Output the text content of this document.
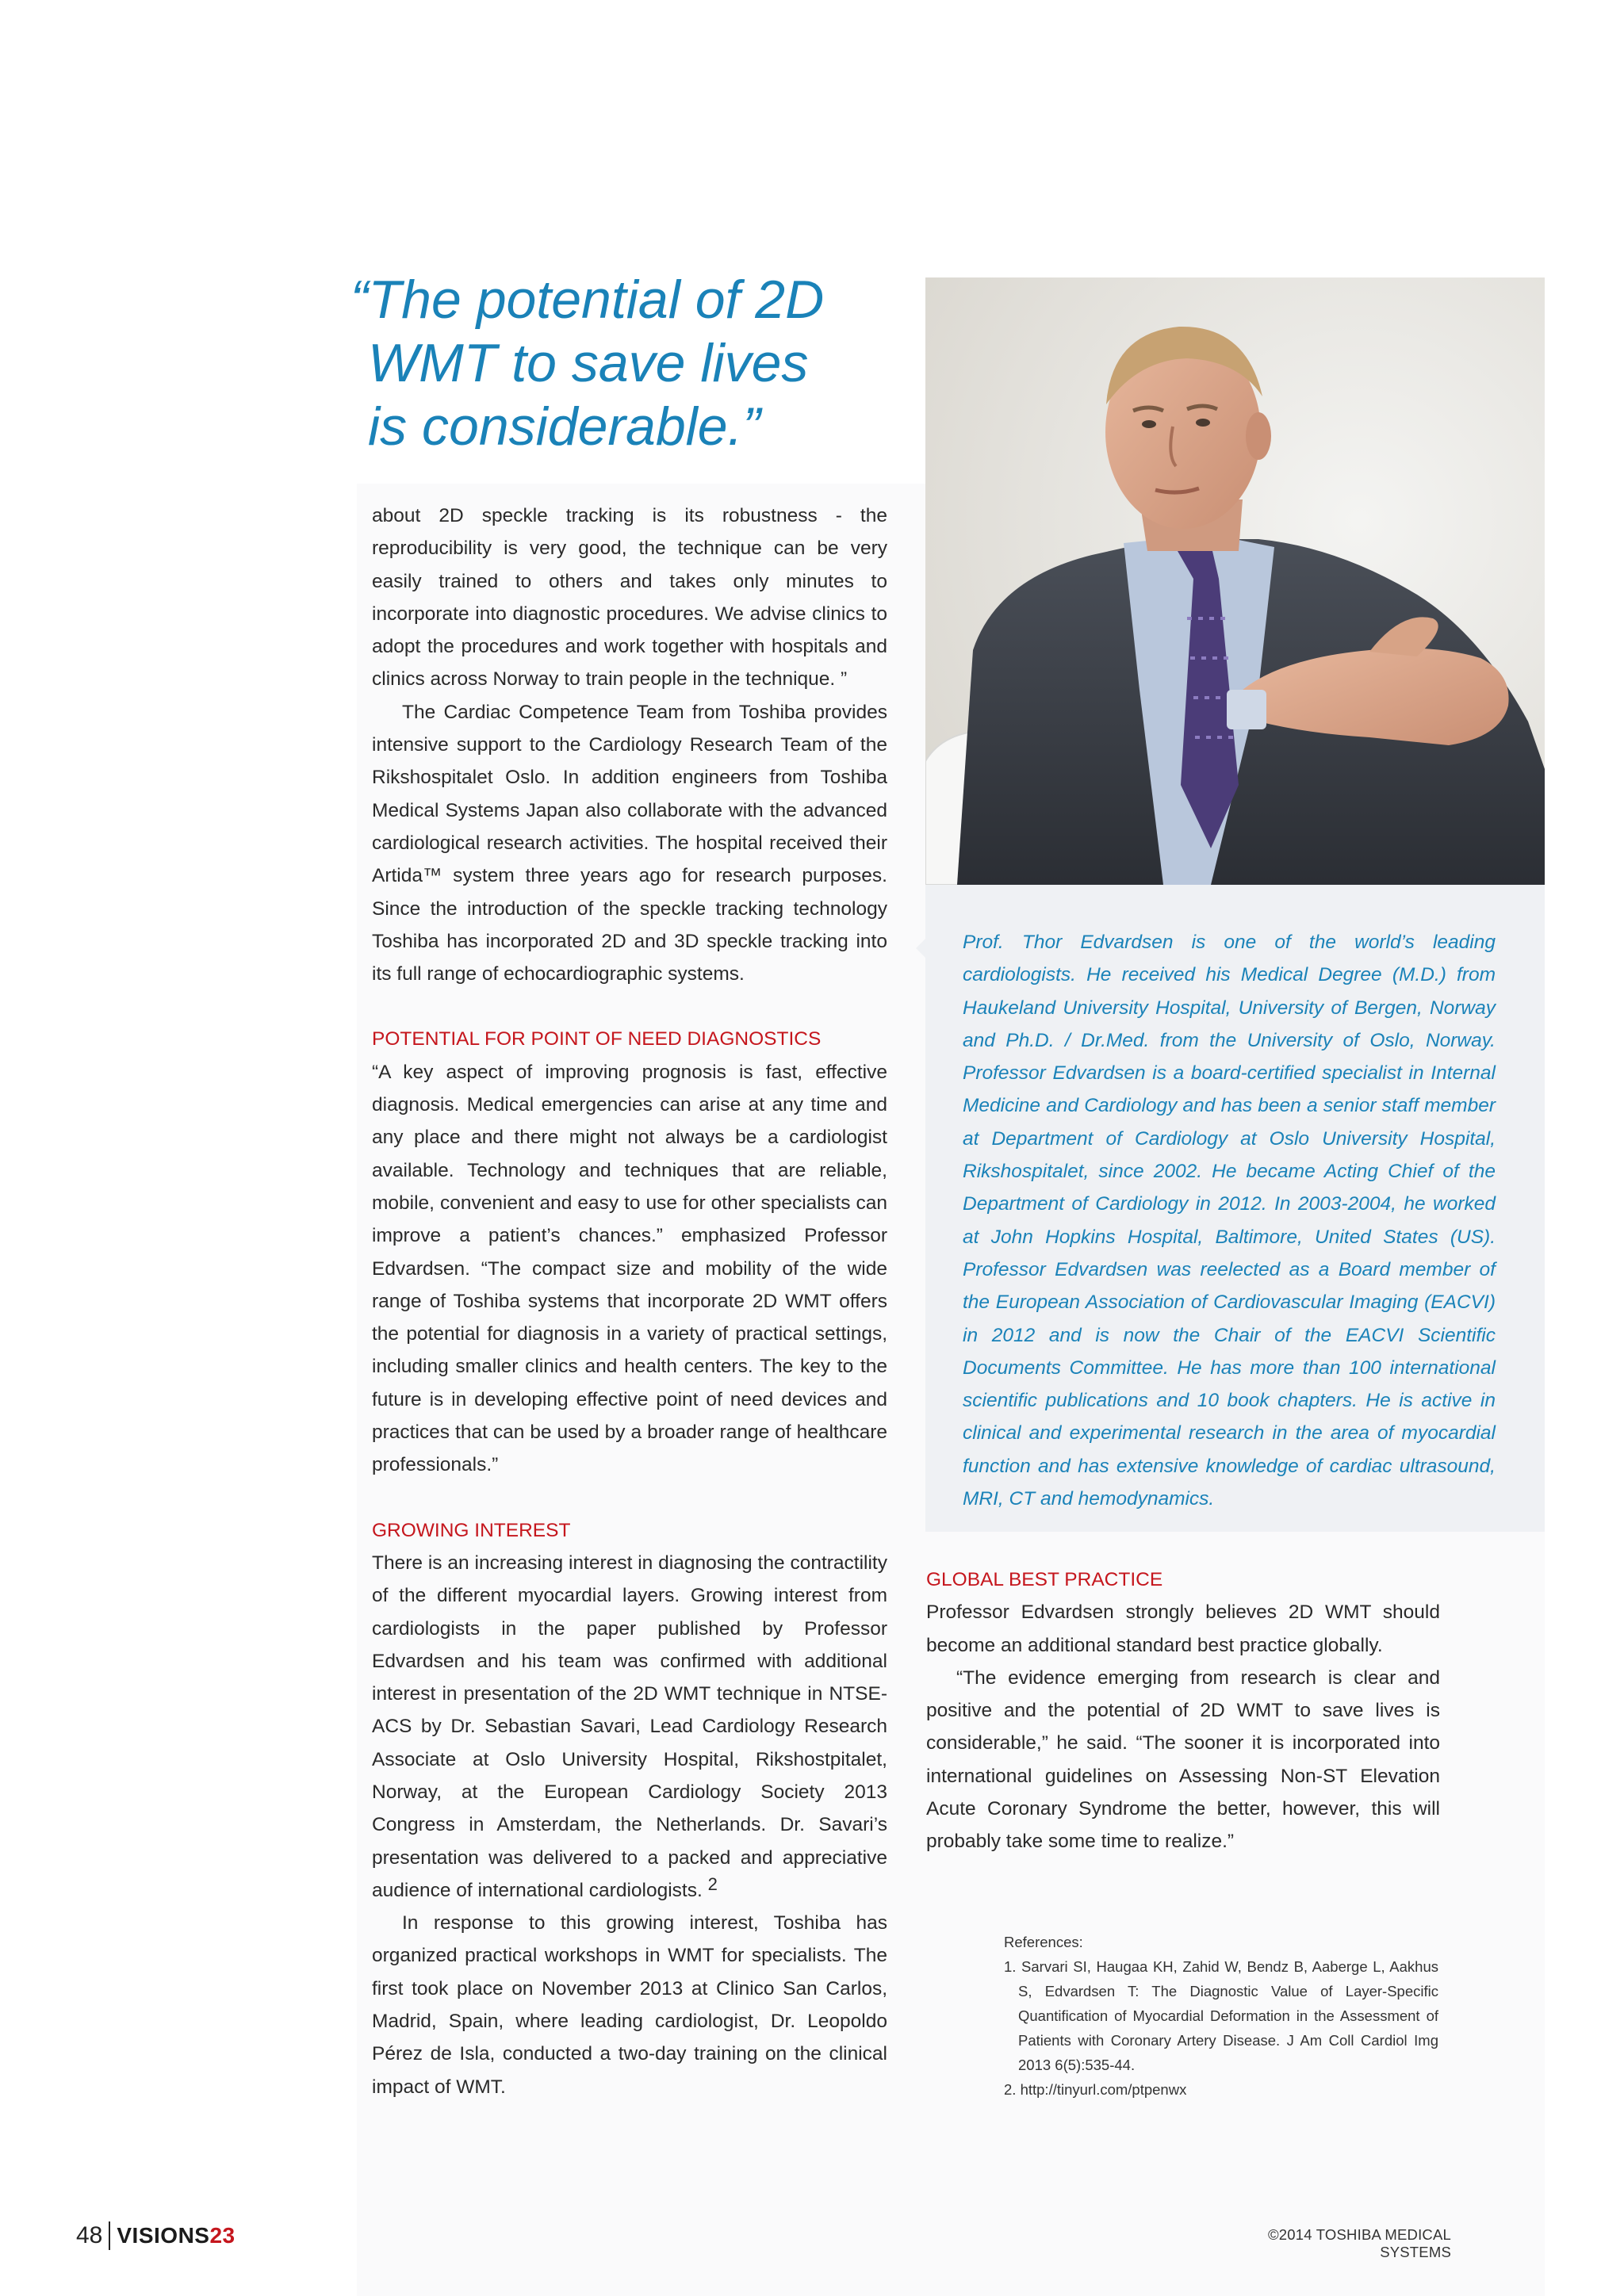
“The potential of 2D
WMT to save lives
is considerable.”

about 2D speckle tracking is its robustness - the reproducibility is very good, the technique can be very easily trained to others and takes only minutes to incorporate into diagnostic procedures. We advise clinics to adopt the procedures and work together with hospitals and clinics across Norway to train people in the technique. ”

The Cardiac Competence Team from Toshiba provides intensive support to the Cardiology Research Team of the Rikshospitalet Oslo. In addition engineers from Toshiba Medical Systems Japan also collaborate with the advanced cardiological research activities. The hospital received their Artida™ system three years ago for research purposes. Since the introduction of the speckle tracking technology Toshiba has incorporated 2D and 3D speckle tracking into its full range of echocardiographic systems.

POTENTIAL FOR POINT OF NEED DIAGNOSTICS

“A key aspect of improving prognosis is fast, effective diagnosis. Medical emergencies can arise at any time and any place and there might not always be a cardiologist available. Technology and techniques that are reliable, mobile, convenient and easy to use for other specialists can improve a patient’s chances.” emphasized Professor Edvardsen. “The compact size and mobility of the wide range of Toshiba systems that incorporate 2D WMT offers the potential for diagnosis in a variety of practical settings, including smaller clinics and health centers. The key to the future is in developing effective point of need devices and practices that can be used by a broader range of healthcare professionals.”

GROWING INTEREST

There is an increasing interest in diagnosing the contractility of the different myocardial layers. Growing interest from cardiologists in the paper published by Professor Edvardsen and his team was confirmed with additional interest in presentation of the 2D WMT technique in NTSE-ACS by Dr. Sebastian Savari, Lead Cardiology Research Associate at Oslo University Hospital, Rikshostpitalet, Norway, at the European Cardiology Society 2013 Congress in Amsterdam, the Netherlands. Dr. Savari’s presentation was delivered to a packed and appreciative audience of international cardiologists. $^2$

In response to this growing interest, Toshiba has organized practical workshops in WMT for specialists. The first took place on November 2013 at Clinico San Carlos, Madrid, Spain, where leading cardiologist, Dr. Leopoldo Pérez de Isla, conducted a two-day training on the clinical impact of WMT.

Prof. Thor Edvardsen is one of the world’s leading cardiologists. He received his Medical Degree (M.D.) from Haukeland University Hospital, University of Bergen, Norway and Ph.D. / Dr.Med. from the University of Oslo, Norway. Professor Edvardsen is a board-certified specialist in Internal Medicine and Cardiology and has been a senior staff member at Department of Cardiology at Oslo University Hospital, Rikshospitalet, since 2002. He became Acting Chief of the Department of Cardiology in 2012. In 2003-2004, he worked at John Hopkins Hospital, Baltimore, United States (US). Professor Edvardsen was reelected as a Board member of the European Association of Cardiovascular Imaging (EACVI) in 2012 and is now the Chair of the EACVI Scientific Documents Committee. He has more than 100 international scientific publications and 10 book chapters. He is active in clinical and experimental research in the area of myocardial function and has extensive knowledge of cardiac ultrasound, MRI, CT and hemodynamics.
GLOBAL BEST PRACTICE

Professor Edvardsen strongly believes 2D WMT should become an additional standard best practice globally.

“The evidence emerging from research is clear and positive and the potential of 2D WMT to save lives is considerable,” he said. “The sooner it is incorporated into international guidelines on Assessing Non-ST Elevation Acute Coronary Syndrome the better, however, this will probably take some time to realize.”

References:

1. Sarvari SI, Haugaa KH, Zahid W, Bendz B, Aaberge L, Aakhus S, Edvardsen T: The Diagnostic Value of Layer-Specific Quantification of Myocardial Deformation in the Assessment of Patients with Coronary Artery Disease. J Am Coll Cardiol Img 2013 6(5):535-44.
2. http://tinyurl.com/ptpenwx
48 VISIONS23	©2014 TOSHIBA MEDICAL SYSTEMS
